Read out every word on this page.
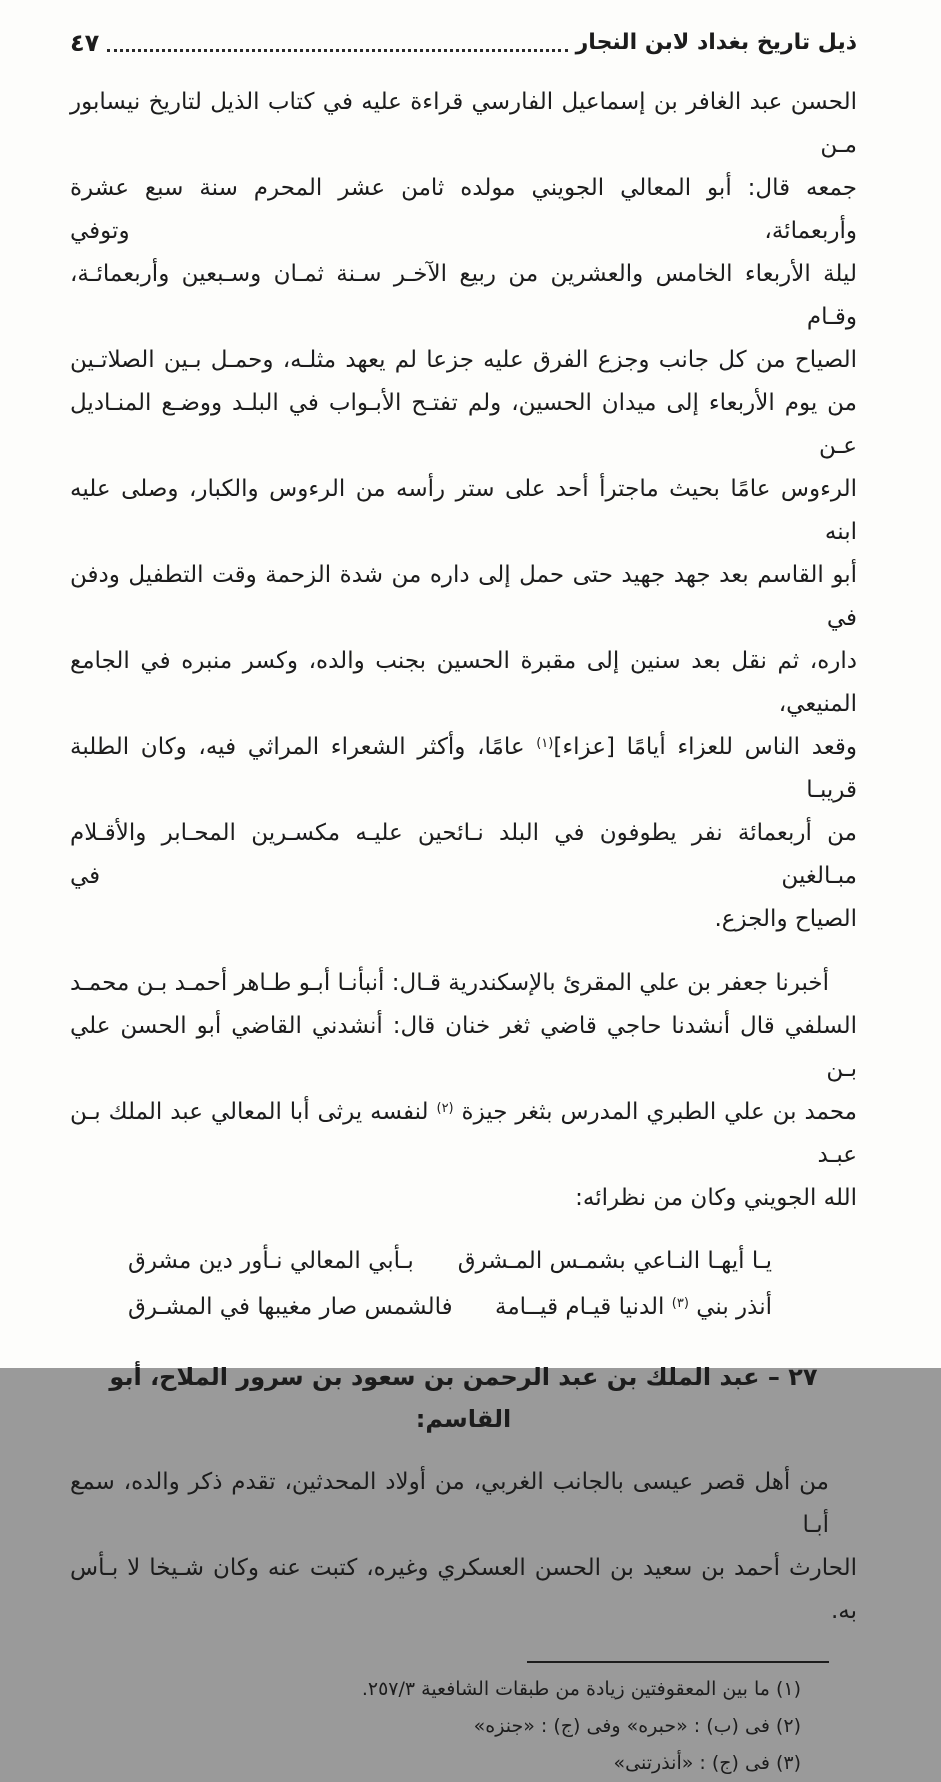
ذيل تاريخ بغداد لابن النجار
٤٧
الحسن عبد الغافر بن إسماعيل الفارسي قراءة عليه في كتاب الذيل لتاريخ نيسابور مـن
جمعه قال: أبو المعالي الجويني مولده ثامن عشر المحرم سنة سبع عشرة وأربعمائة، وتوفي
ليلة الأربعاء الخامس والعشرين من ربيع الآخـر سـنة ثمـان وسـبعين وأربعمائـة، وقـام
الصياح من كل جانب وجزع الفرق عليه جزعا لم يعهد مثلـه، وحمـل بـين الصلاتـين
من يوم الأربعاء إلى ميدان الحسين، ولم تفتـح الأبـواب في البلـد ووضـع المنـاديل عـن
الرءوس عامًا بحيث ماجترأ أحد على ستر رأسه من الرءوس والكبار، وصلى عليه ابنه
أبو القاسم بعد جهد جهيد حتى حمل إلى داره من شدة الزحمة وقت التطفيل ودفن في
داره، ثم نقل بعد سنين إلى مقبرة الحسين بجنب والده، وكسر منبره في الجامع المنيعي،
وقعد الناس للعزاء أيامًا [عزاء]$^{(١)}$ عامًا، وأكثر الشعراء المراثي فيه، وكان الطلبة قريبـا
من أربعمائة نفر يطوفون في البلد نـائحين عليـه مكسـرين المحـابر والأقـلام مبـالغين في
الصياح والجزع.
أخبرنا جعفر بن علي المقرئ بالإسكندرية قـال: أنبأنـا أبـو طـاهر أحمـد بـن محمـد
السلفي قال أنشدنا حاجي قاضي ثغر خنان قال: أنشدني القاضي أبو الحسن علي بـن
محمد بن علي الطبري المدرس بثغر جيزة $^{(٢)}$ لنفسه يرثى أبا المعالي عبد الملك بـن عبـد
الله الجويني وكان من نظرائه:
يـا أيهـا النـاعي بشمـس المـشرق
بـأبي المعالي نـأور دين مشرق
أنذر بني $^{(٣)}$ الدنيا قيـام قيــامة
فالشمس صار مغيبها في المشـرق
٢٧ – عبد الملك بن عبد الرحمن بن سعود بن سرور الملاح، أبو القاسم:
من أهل قصر عيسى بالجانب الغربي، من أولاد المحدثين، تقدم ذكر والده، سمع أبـا
الحارث أحمد بن سعيد بن الحسن العسكري وغيره، كتبت عنه وكان شـيخا لا بـأس
به.
(١) ما بين المعقوفتين زيادة من طبقات الشافعية ٢٥٧/٣.
(٢) فى (ب) : «حبره» وفى (ج) : «جنزه»
(٣) فى (ج) : «أنذرتنى»
